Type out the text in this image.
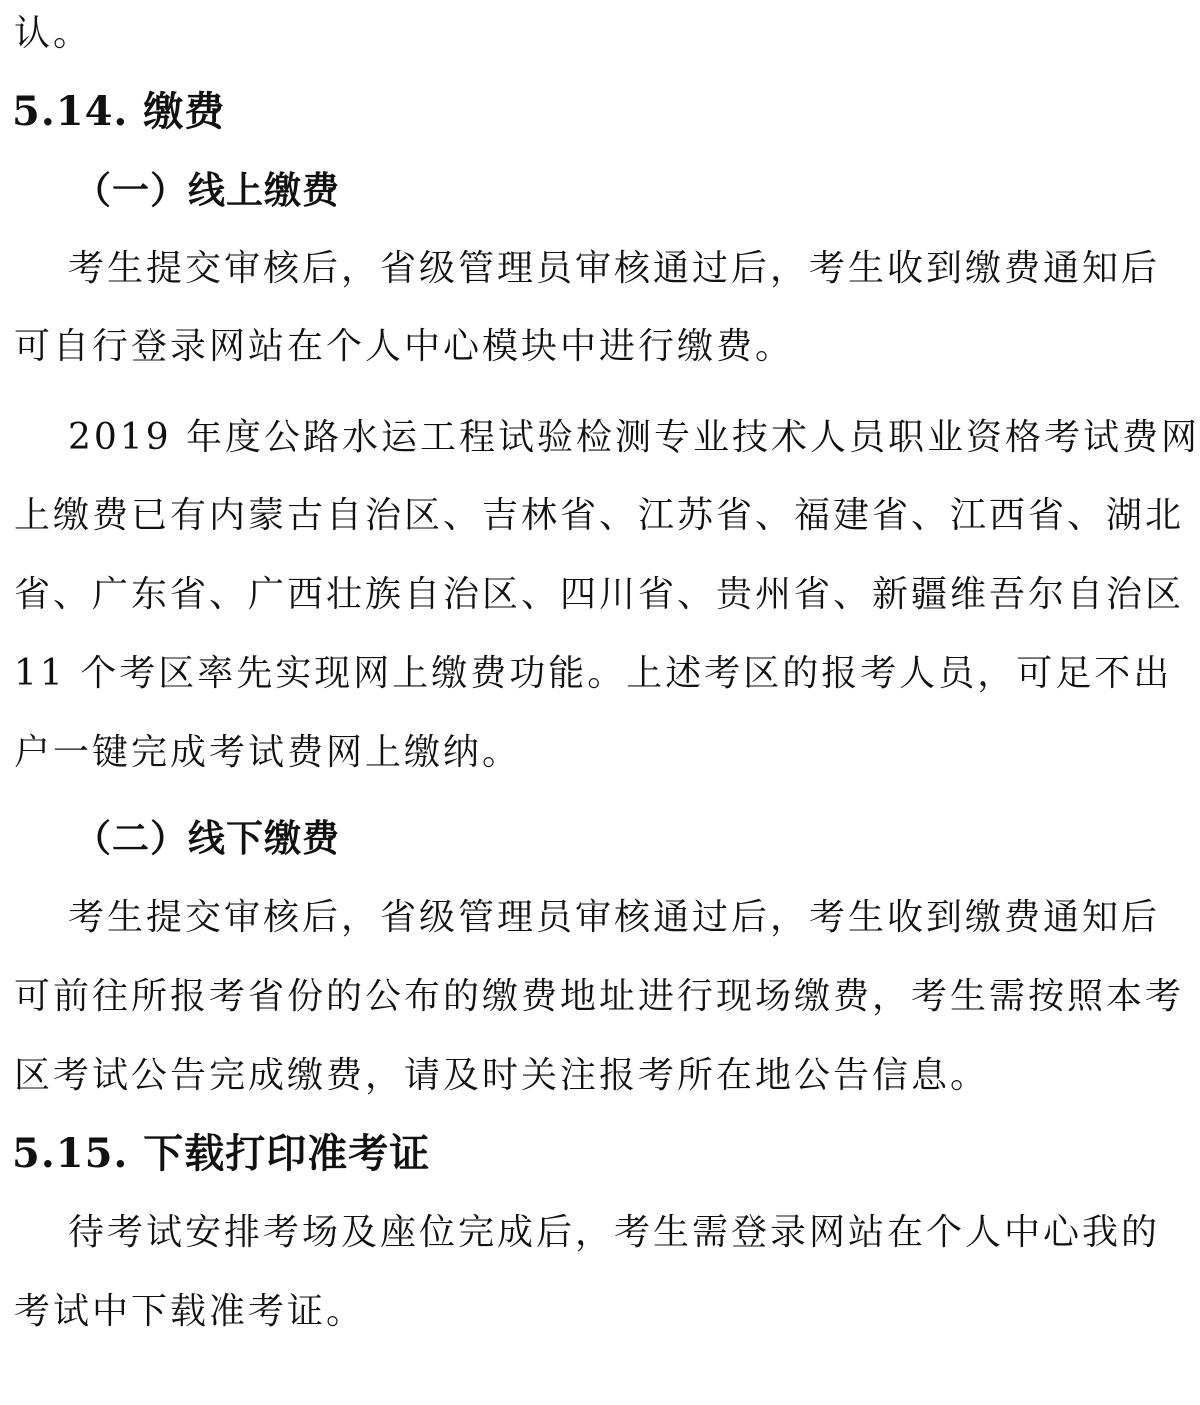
认。
5.14. 缴费
（一）线上缴费
考生提交审核后，省级管理员审核通过后，考生收到缴费通知后
可自行登录网站在个人中心模块中进行缴费。
2019 年度公路水运工程试验检测专业技术人员职业资格考试费网
上缴费已有内蒙古自治区、吉林省、江苏省、福建省、江西省、湖北
省、广东省、广西壮族自治区、四川省、贵州省、新疆维吾尔自治区
11 个考区率先实现网上缴费功能。上述考区的报考人员，可足不出
户一键完成考试费网上缴纳。
（二）线下缴费
考生提交审核后，省级管理员审核通过后，考生收到缴费通知后
可前往所报考省份的公布的缴费地址进行现场缴费，考生需按照本考
区考试公告完成缴费，请及时关注报考所在地公告信息。
5.15. 下载打印准考证
待考试安排考场及座位完成后，考生需登录网站在个人中心我的
考试中下载准考证。
